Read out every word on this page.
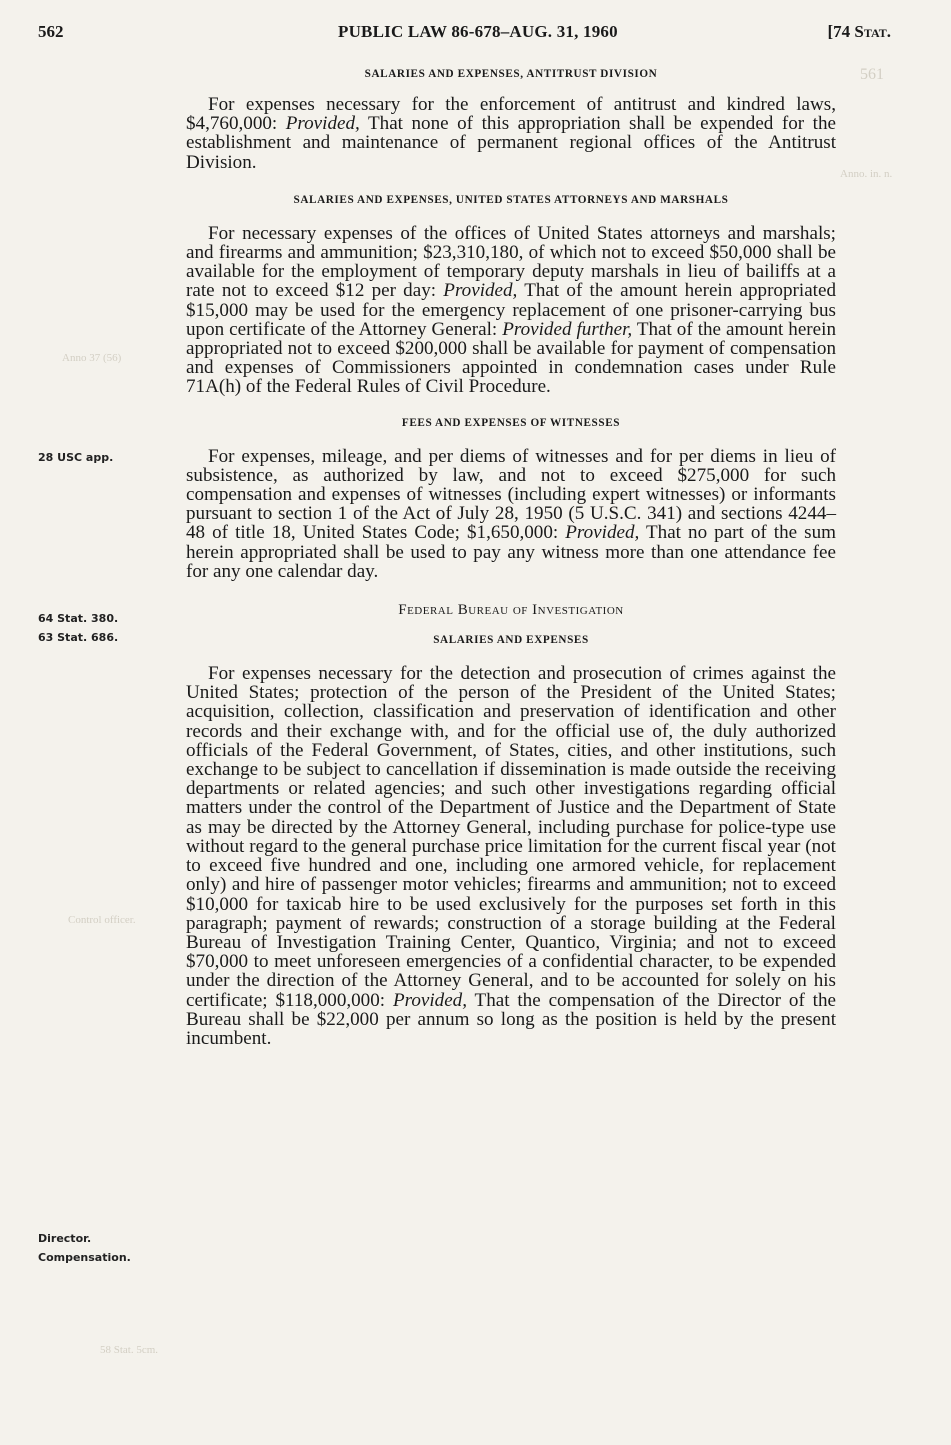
562	PUBLIC LAW 86-678–AUG. 31, 1960	[74 Stat.
561
Anno. in. n.
Anno 37 (56)
Control officer.
58 Stat. 5cm.
28 USC app.
64 Stat. 380.
63 Stat. 686.
Director.
Compensation.

SALARIES AND EXPENSES, ANTITRUST DIVISION

For expenses necessary for the enforcement of antitrust and kindred laws, $4,760,000: Provided, That none of this appropriation shall be expended for the establishment and maintenance of permanent regional offices of the Antitrust Division.

SALARIES AND EXPENSES, UNITED STATES ATTORNEYS AND MARSHALS

For necessary expenses of the offices of United States attorneys and marshals; and firearms and ammunition; $23,310,180, of which not to exceed $50,000 shall be available for the employment of temporary deputy marshals in lieu of bailiffs at a rate not to exceed $12 per day: Provided, That of the amount herein appropriated $15,000 may be used for the emergency replacement of one prisoner-carrying bus upon certificate of the Attorney General: Provided further, That of the amount herein appropriated not to exceed $200,000 shall be available for payment of compensation and expenses of Commissioners appointed in condemnation cases under Rule 71A(h) of the Federal Rules of Civil Procedure.

FEES AND EXPENSES OF WITNESSES

For expenses, mileage, and per diems of witnesses and for per diems in lieu of subsistence, as authorized by law, and not to exceed $275,000 for such compensation and expenses of witnesses (including expert witnesses) or informants pursuant to section 1 of the Act of July 28, 1950 (5 U.S.C. 341) and sections 4244–48 of title 18, United States Code; $1,650,000: Provided, That no part of the sum herein appropriated shall be used to pay any witness more than one attendance fee for any one calendar day.

Federal Bureau of Investigation

SALARIES AND EXPENSES

For expenses necessary for the detection and prosecution of crimes against the United States; protection of the person of the President of the United States; acquisition, collection, classification and preservation of identification and other records and their exchange with, and for the official use of, the duly authorized officials of the Federal Government, of States, cities, and other institutions, such exchange to be subject to cancellation if dissemination is made outside the receiving departments or related agencies; and such other investigations regarding official matters under the control of the Department of Justice and the Department of State as may be directed by the Attorney General, including purchase for police-type use without regard to the general purchase price limitation for the current fiscal year (not to exceed five hundred and one, including one armored vehicle, for replacement only) and hire of passenger motor vehicles; firearms and ammunition; not to exceed $10,000 for taxicab hire to be used exclusively for the purposes set forth in this paragraph; payment of rewards; construction of a storage building at the Federal Bureau of Investigation Training Center, Quantico, Virginia; and not to exceed $70,000 to meet unforeseen emergencies of a confidential character, to be expended under the direction of the Attorney General, and to be accounted for solely on his certificate; $118,000,000: Provided, That the compensation of the Director of the Bureau shall be $22,000 per annum so long as the position is held by the present incumbent.
